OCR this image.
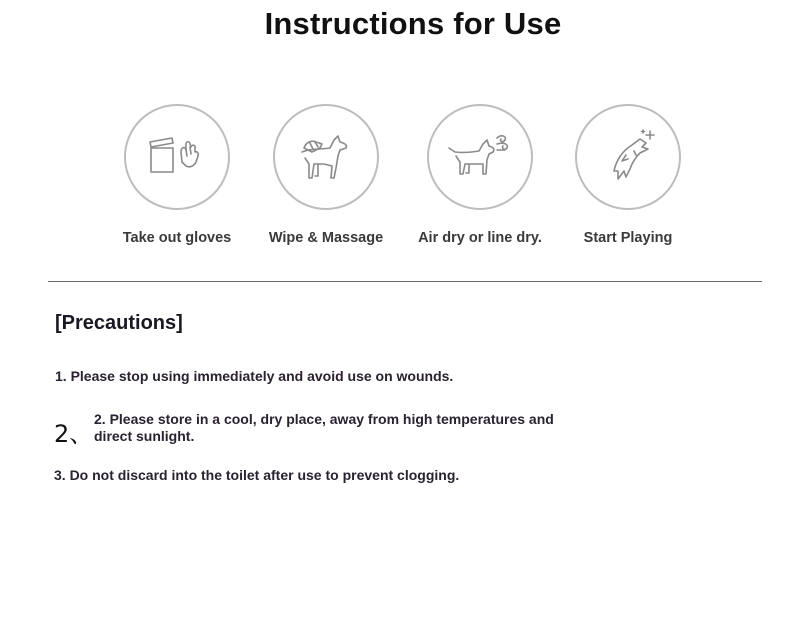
Instructions for Use
Take out gloves	Wipe & Massage	Air dry or line dry.	Start Playing
[Precautions]
1. Please stop using immediately and avoid use on wounds.
2、
2. Please store in a cool, dry place, away from high temperatures and direct sunlight.
3. Do not discard into the toilet after use to prevent clogging.
